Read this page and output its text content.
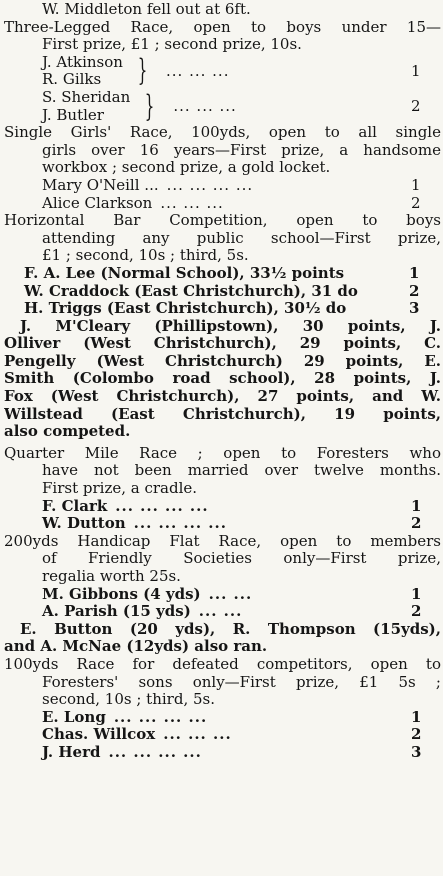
W. Middleton fell out at 6ft.
Three-Legged Race, open to boys under 15—
First prize, £1 ; second prize, 10s.
J. Atkinson
R. Gilks	} ... ... ...	1
S. Sheridan
J. Butler	} ... ... ...	2
Single Girls' Race, 100yds, open to all single
girls over 16 years—First prize, a handsome
workbox ; second prize, a gold locket.
Mary O'Neill ... ... ... ... ...	1
Alice Clarkson ... ... ...	2
Horizontal Bar Competition, open to boys
attending any public school—First prize,
£1 ; second, 10s ; third, 5s.
F. A. Lee (Normal School), 33½ points	1
W. Craddock (East Christchurch), 31 do	2
H. Triggs (East Christchurch), 30½ do	3
J. M'Cleary (Phillipstown), 30 points, J.
Olliver (West Christchurch), 29 points, C.
Pengelly (West Christchurch) 29 points, E.
Smith (Colombo road school), 28 points, J.
Fox (West Christchurch), 27 points, and W.
Willstead (East Christchurch), 19 points,
also competed.
Quarter Mile Race ; open to Foresters who
have not been married over twelve months.
First prize, a cradle.
F. Clark ... ... ... ...	1
W. Dutton ... ... ... ...	2
200yds Handicap Flat Race, open to members
of Friendly Societies only—First prize,
regalia worth 25s.
M. Gibbons (4 yds) ... ...	1
A. Parish (15 yds) ... ...	2
E. Button (20 yds), R. Thompson (15yds),
and A. McNae (12yds) also ran.
100yds Race for defeated competitors, open to
Foresters' sons only—First prize, £1 5s ;
second, 10s ; third, 5s.
E. Long ... ... ... ...	1
Chas. Willcox ... ... ...	2
J. Herd ... ... ... ...	3
